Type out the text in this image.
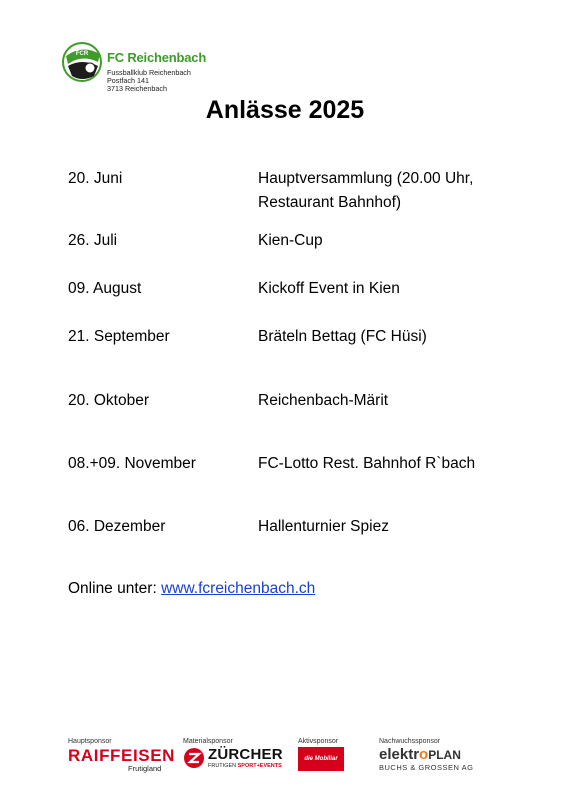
FCR FC Reichenbach
Fussballklub Reichenbach
Postfach 141
3713 Reichenbach
Anlässe 2025
20. Juni	Hauptversammlung (20.00 Uhr, Restaurant Bahnhof)
26. Juli	Kien-Cup
09. August	Kickoff Event in Kien
21. September	Bräteln Bettag (FC Hüsi)
20. Oktober	Reichenbach-Märit
08.+09. November	FC-Lotto Rest. Bahnhof R`bach
06. Dezember	Hallenturnier Spiez
Online unter: www.fcreichenbach.ch
Hauptsponsor
RAIFFEISEN
Frutigland
Materialsponsor
ZÜRCHER
FRUTIGEN SPORT+EVENTS
Aktivsponsor
die Mobiliar
Nachwuchssponsor
elektroPLAN
BUCHS & GROSSEN AG
